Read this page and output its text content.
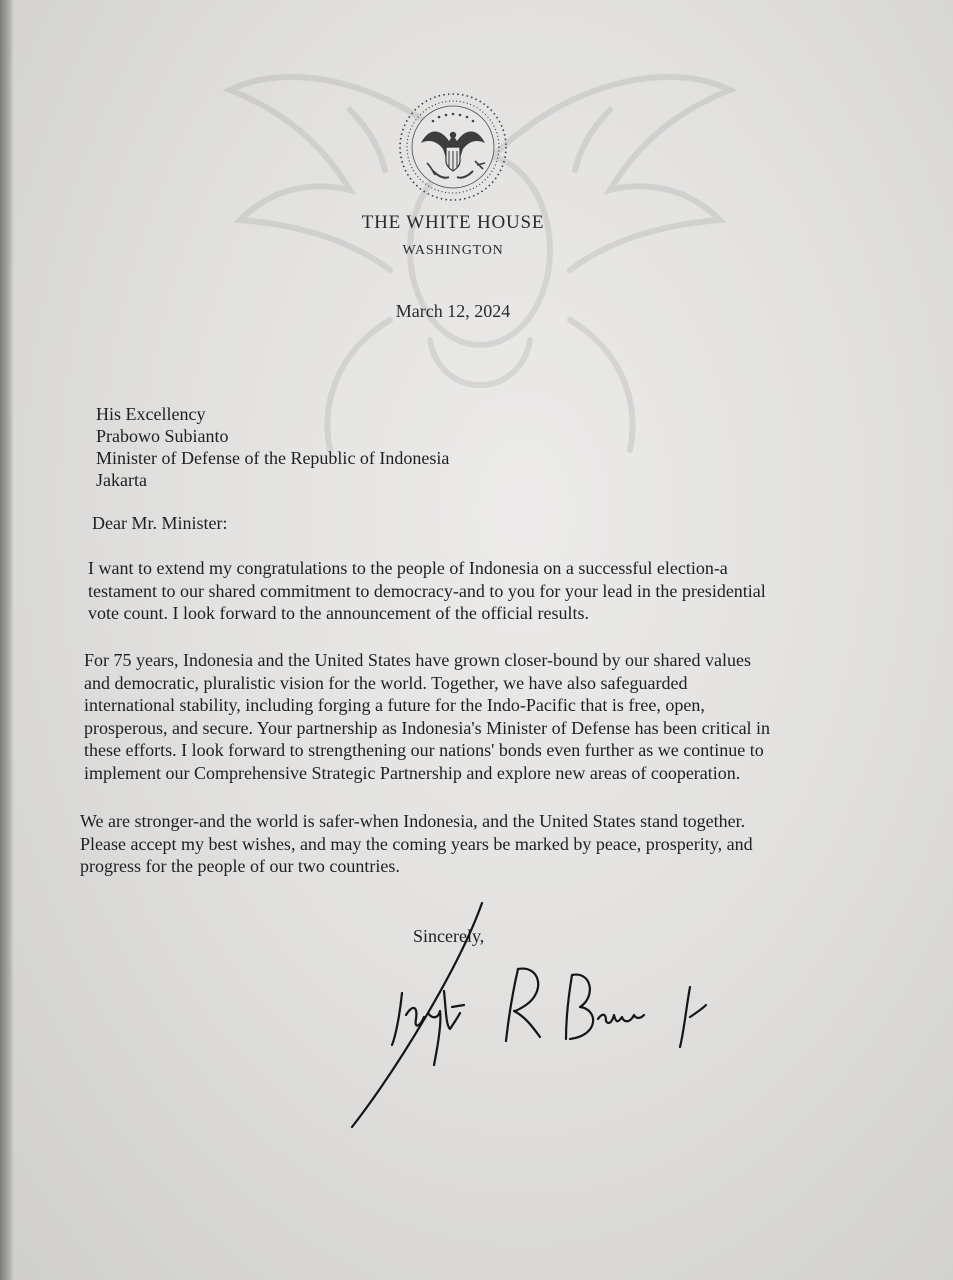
THE WHITE HOUSE
WASHINGTON
March 12, 2024
His Excellency
Prabowo Subianto
Minister of Defense of the Republic of Indonesia
Jakarta
Dear Mr. Minister:
I want to extend my congratulations to the people of Indonesia on a successful election-a
testament to our shared commitment to democracy-and to you for your lead in the presidential
vote count. I look forward to the announcement of the official results.
For 75 years, Indonesia and the United States have grown closer-bound by our shared values
and democratic, pluralistic vision for the world. Together, we have also safeguarded
international stability, including forging a future for the Indo-Pacific that is free, open,
prosperous, and secure. Your partnership as Indonesia's Minister of Defense has been critical in
these efforts. I look forward to strengthening our nations' bonds even further as we continue to
implement our Comprehensive Strategic Partnership and explore new areas of cooperation.
We are stronger-and the world is safer-when Indonesia, and the United States stand together.
Please accept my best wishes, and may the coming years be marked by peace, prosperity, and
progress for the people of our two countries.
Sincerely,
